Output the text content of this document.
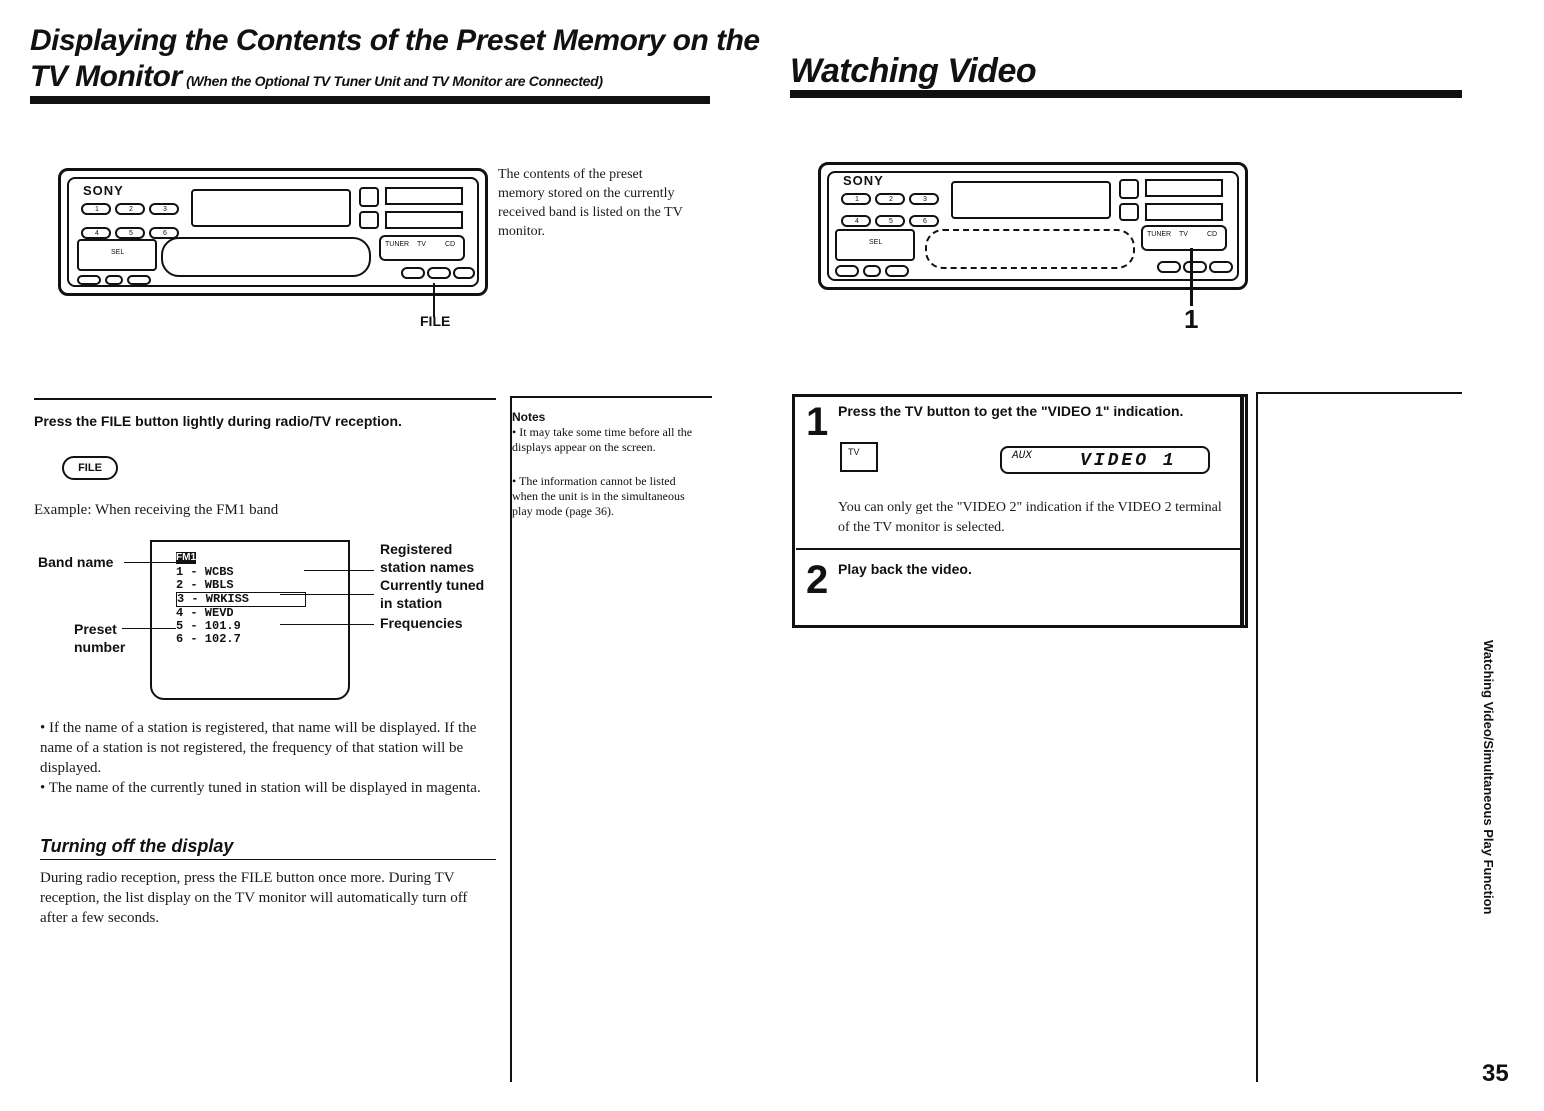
Displaying the Contents of the Preset Memory on the
TV Monitor (When the Optional TV Tuner Unit and TV Monitor are Connected)
SONY
1	2	3
4	5	6
SEL
TUNER TV	CD
FILE
The contents of the preset memory stored on the currently received band is listed on the TV monitor.
Press the FILE button lightly during radio/TV reception.
FILE
Example: When receiving the FM1 band
FM1
1 - WCBS
2 - WBLS
3 - WRKISS
4 - WEVD
5 - 101.9
6 - 102.7
Band name
Preset
number
Registered
station names
Currently tuned
in station
Frequencies
• If the name of a station is registered, that name will be displayed. If the name of a station is not registered, the frequency of that station will be displayed.
• The name of the currently tuned in station will be displayed in magenta.
Turning off the display
During radio reception, press the FILE button once more. During TV reception, the list display on the TV monitor will automatically turn off after a few seconds.
Notes
• It may take some time before all the displays appear on the screen.
• The information cannot be listed when the unit is in the simultaneous play mode (page 36).
Watching Video
SONY
1	2	3
4	5	6
SEL
TUNER TV	CD
1
1 Press the TV button to get the "VIDEO 1" indication.
TV	AUX	VIDEO 1
You can only get the "VIDEO 2" indication if the VIDEO 2 terminal of the TV monitor is selected.
2 Play back the video.
Watching Video/Simultaneous Play Function
35
